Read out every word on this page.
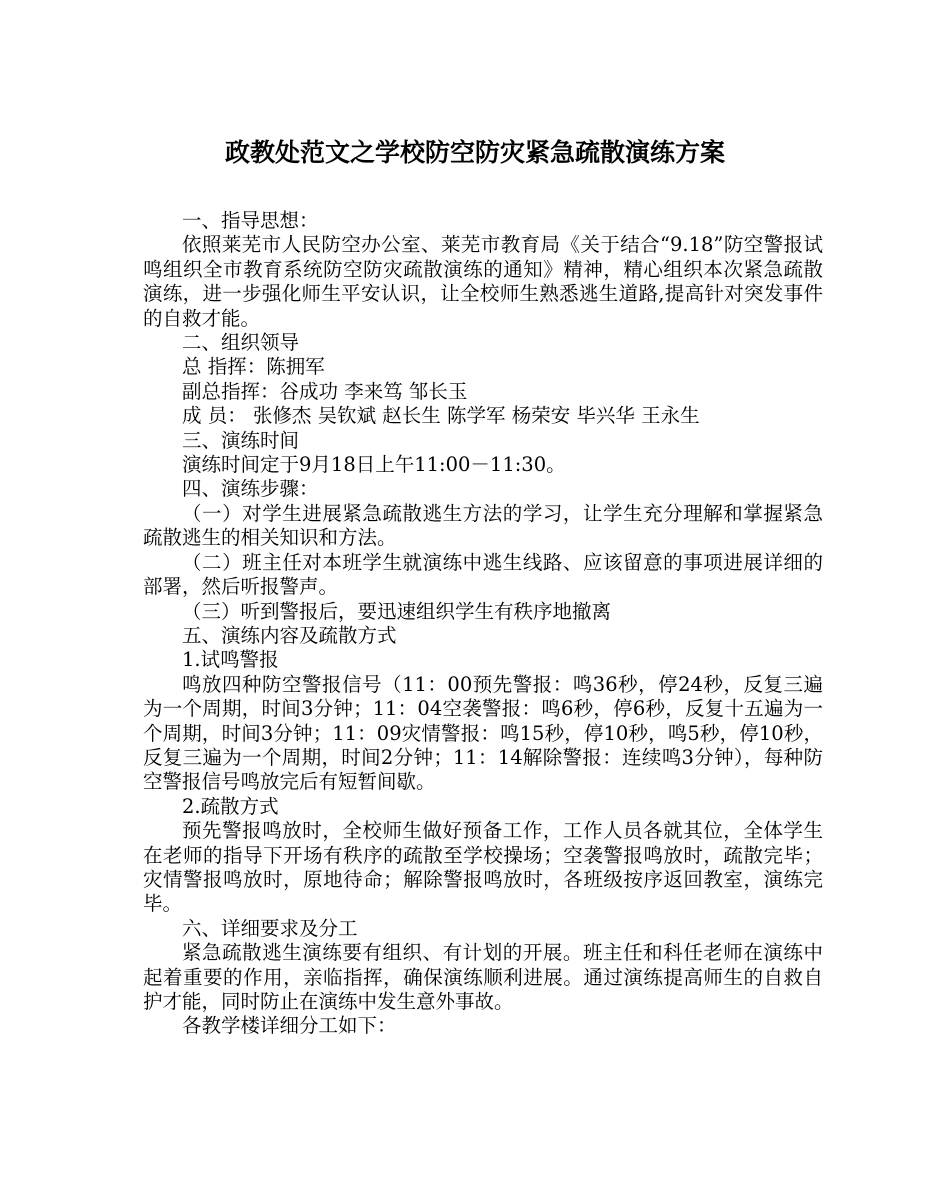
政教处范文之学校防空防灾紧急疏散演练方案

一、指导思想：

依照莱芜市人民防空办公室、莱芜市教育局《关于结合“9.18”防空警报试鸣组织全市教育系统防空防灾疏散演练的通知》精神，精心组织本次紧急疏散演练，进一步强化师生平安认识，让全校师生熟悉逃生道路,提高针对突发事件的自救才能。

二、组织领导

总 指挥：陈拥军

副总指挥：谷成功 李来笃 邹长玉

成 员： 张修杰 吴钦斌 赵长生 陈学军 杨荣安 毕兴华 王永生

三、演练时间

演练时间定于9月18日上午11:00－11:30。

四、演练步骤：

（一）对学生进展紧急疏散逃生方法的学习，让学生充分理解和掌握紧急疏散逃生的相关知识和方法。

（二）班主任对本班学生就演练中逃生线路、应该留意的事项进展详细的部署，然后听报警声。

（三）听到警报后，要迅速组织学生有秩序地撤离

五、演练内容及疏散方式

1.试鸣警报

鸣放四种防空警报信号（11：00预先警报：鸣36秒，停24秒，反复三遍为一个周期，时间3分钟；11：04空袭警报：鸣6秒，停6秒，反复十五遍为一个周期，时间3分钟；11：09灾情警报：鸣15秒，停10秒，鸣5秒，停10秒，反复三遍为一个周期，时间2分钟；11：14解除警报：连续鸣3分钟），每种防空警报信号鸣放完后有短暂间歇。

2.疏散方式

预先警报鸣放时，全校师生做好预备工作，工作人员各就其位，全体学生在老师的指导下开场有秩序的疏散至学校操场；空袭警报鸣放时，疏散完毕；灾情警报鸣放时，原地待命；解除警报鸣放时，各班级按序返回教室，演练完毕。

六、详细要求及分工

紧急疏散逃生演练要有组织、有计划的开展。班主任和科任老师在演练中起着重要的作用，亲临指挥，确保演练顺利进展。通过演练提高师生的自救自护才能，同时防止在演练中发生意外事故。

各教学楼详细分工如下：
